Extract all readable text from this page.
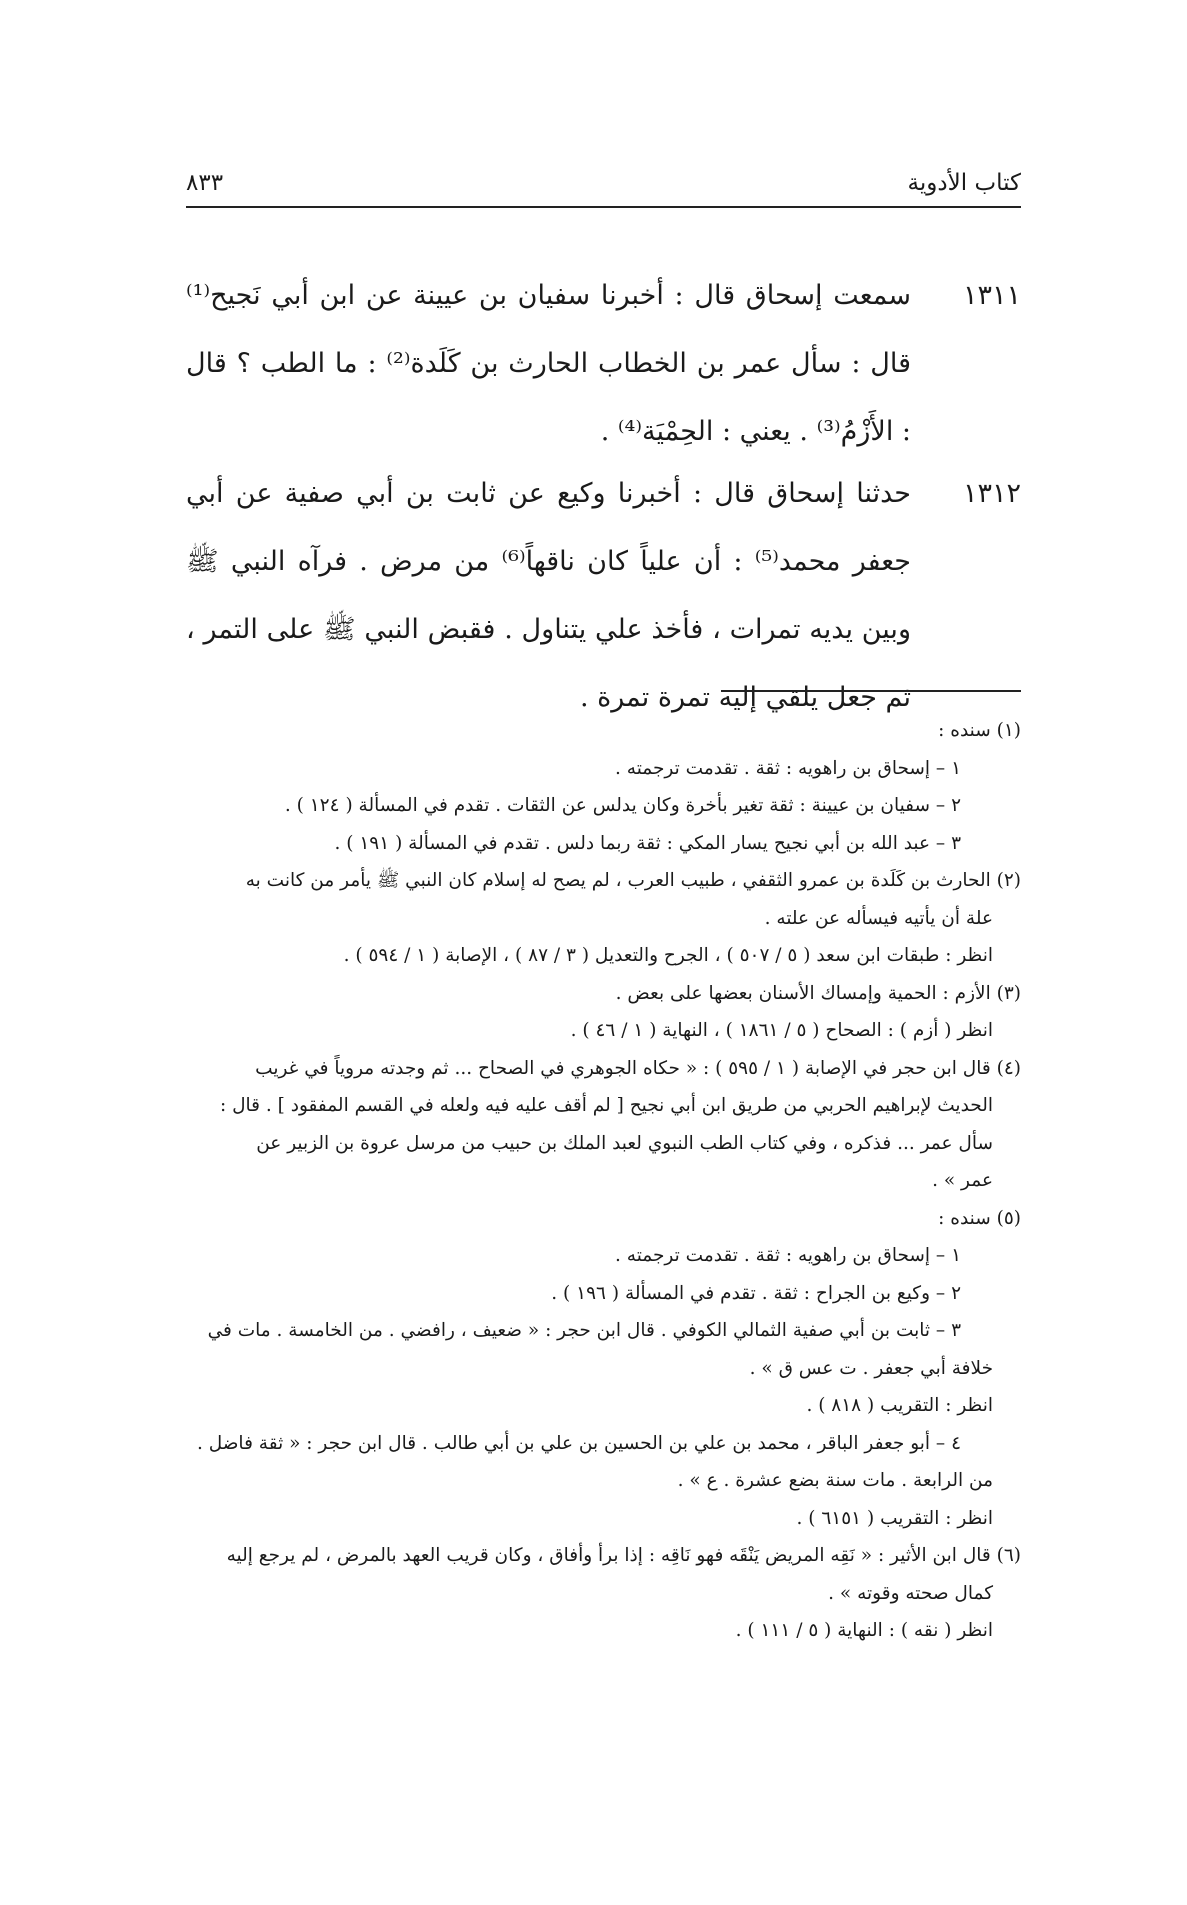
كتاب الأدوية
٨٣٣
١٣١١
سمعت إسحاق قال : أخبرنا سفيان بن عيينة عن ابن أبي نَجيح⁽¹⁾ قال : سأل عمر بن الخطاب الحارث بن كَلَدة⁽²⁾ : ما الطب ؟ قال : الأَزْمُ⁽³⁾ . يعني : الحِمْيَة⁽⁴⁾ .
١٣١٢
حدثنا إسحاق قال : أخبرنا وكيع عن ثابت بن أبي صفية عن أبي جعفر محمد⁽⁵⁾ : أن علياً كان ناقهاً⁽⁶⁾ من مرض . فرآه النبي ﷺ وبين يديه تمرات ، فأخذ علي يتناول . فقبض النبي ﷺ على التمر ، ثم جعل يلقي إليه تمرة تمرة .
(١) سنده :
١ – إسحاق بن راهويه : ثقة . تقدمت ترجمته .
٢ – سفيان بن عيينة : ثقة تغير بأخرة وكان يدلس عن الثقات . تقدم في المسألة ( ١٢٤ ) .
٣ – عبد الله بن أبي نجيح يسار المكي : ثقة ربما دلس . تقدم في المسألة ( ١٩١ ) .
(٢) الحارث بن كَلَدة بن عمرو الثقفي ، طبيب العرب ، لم يصح له إسلام كان النبي ﷺ يأمر من كانت به
علة أن يأتيه فيسأله عن علته .
انظر : طبقات ابن سعد ( ٥ / ٥٠٧ ) ، الجرح والتعديل ( ٣ / ٨٧ ) ، الإصابة ( ١ / ٥٩٤ ) .
(٣) الأزم : الحمية وإمساك الأسنان بعضها على بعض .
انظر ( أزم ) : الصحاح ( ٥ / ١٨٦١ ) ، النهاية ( ١ / ٤٦ ) .
(٤) قال ابن حجر في الإصابة ( ١ / ٥٩٥ ) : « حكاه الجوهري في الصحاح ... ثم وجدته مروياً في غريب
الحديث لإبراهيم الحربي من طريق ابن أبي نجيح [ لم أقف عليه فيه ولعله في القسم المفقود ] . قال :
سأل عمر ... فذكره ، وفي كتاب الطب النبوي لعبد الملك بن حبيب من مرسل عروة بن الزبير عن
عمر » .
(٥) سنده :
١ – إسحاق بن راهويه : ثقة . تقدمت ترجمته .
٢ – وكيع بن الجراح : ثقة . تقدم في المسألة ( ١٩٦ ) .
٣ – ثابت بن أبي صفية الثمالي الكوفي . قال ابن حجر : « ضعيف ، رافضي . من الخامسة . مات في
خلافة أبي جعفر . ت عس ق » .
انظر : التقريب ( ٨١٨ ) .
٤ – أبو جعفر الباقر ، محمد بن علي بن الحسين بن علي بن أبي طالب . قال ابن حجر : « ثقة فاضل .
من الرابعة . مات سنة بضع عشرة . ع » .
انظر : التقريب ( ٦١٥١ ) .
(٦) قال ابن الأثير : « نَقِه المريض يَنْقَه فهو نَاقِه : إذا برأ وأفاق ، وكان قريب العهد بالمرض ، لم يرجع إليه
كمال صحته وقوته » .
انظر ( نقه ) : النهاية ( ٥ / ١١١ ) .
